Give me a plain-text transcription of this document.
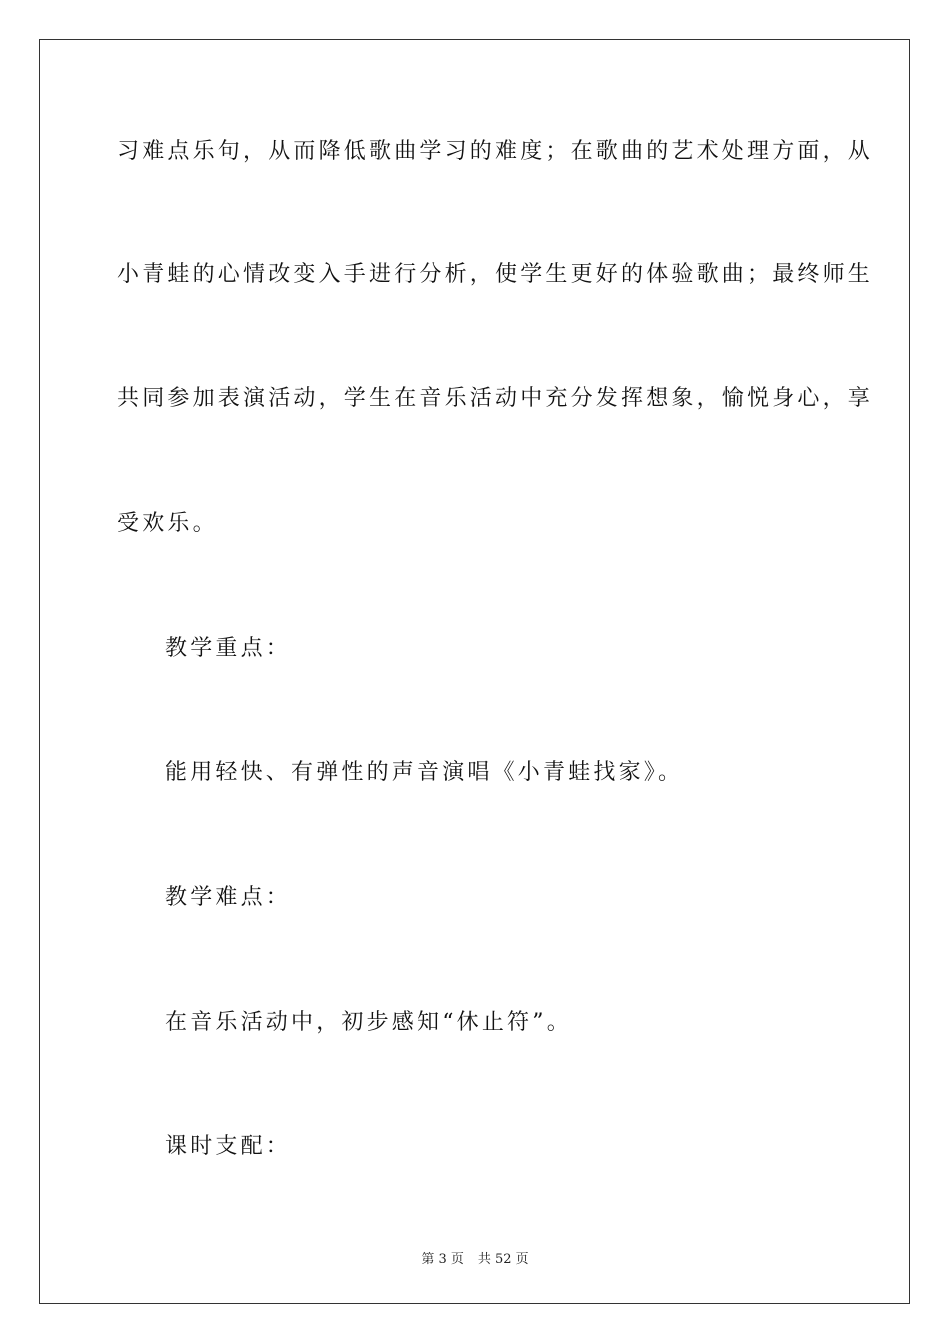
习难点乐句，从而降低歌曲学习的难度；在歌曲的艺术处理方面，从
小青蛙的心情改变入手进行分析，使学生更好的体验歌曲；最终师生
共同参加表演活动，学生在音乐活动中充分发挥想象，愉悦身心，享
受欢乐。
教学重点：
能用轻快、有弹性的声音演唱《小青蛙找家》。
教学难点：
在音乐活动中，初步感知“休止符”。
课时支配：
第 3 页 共 52 页
